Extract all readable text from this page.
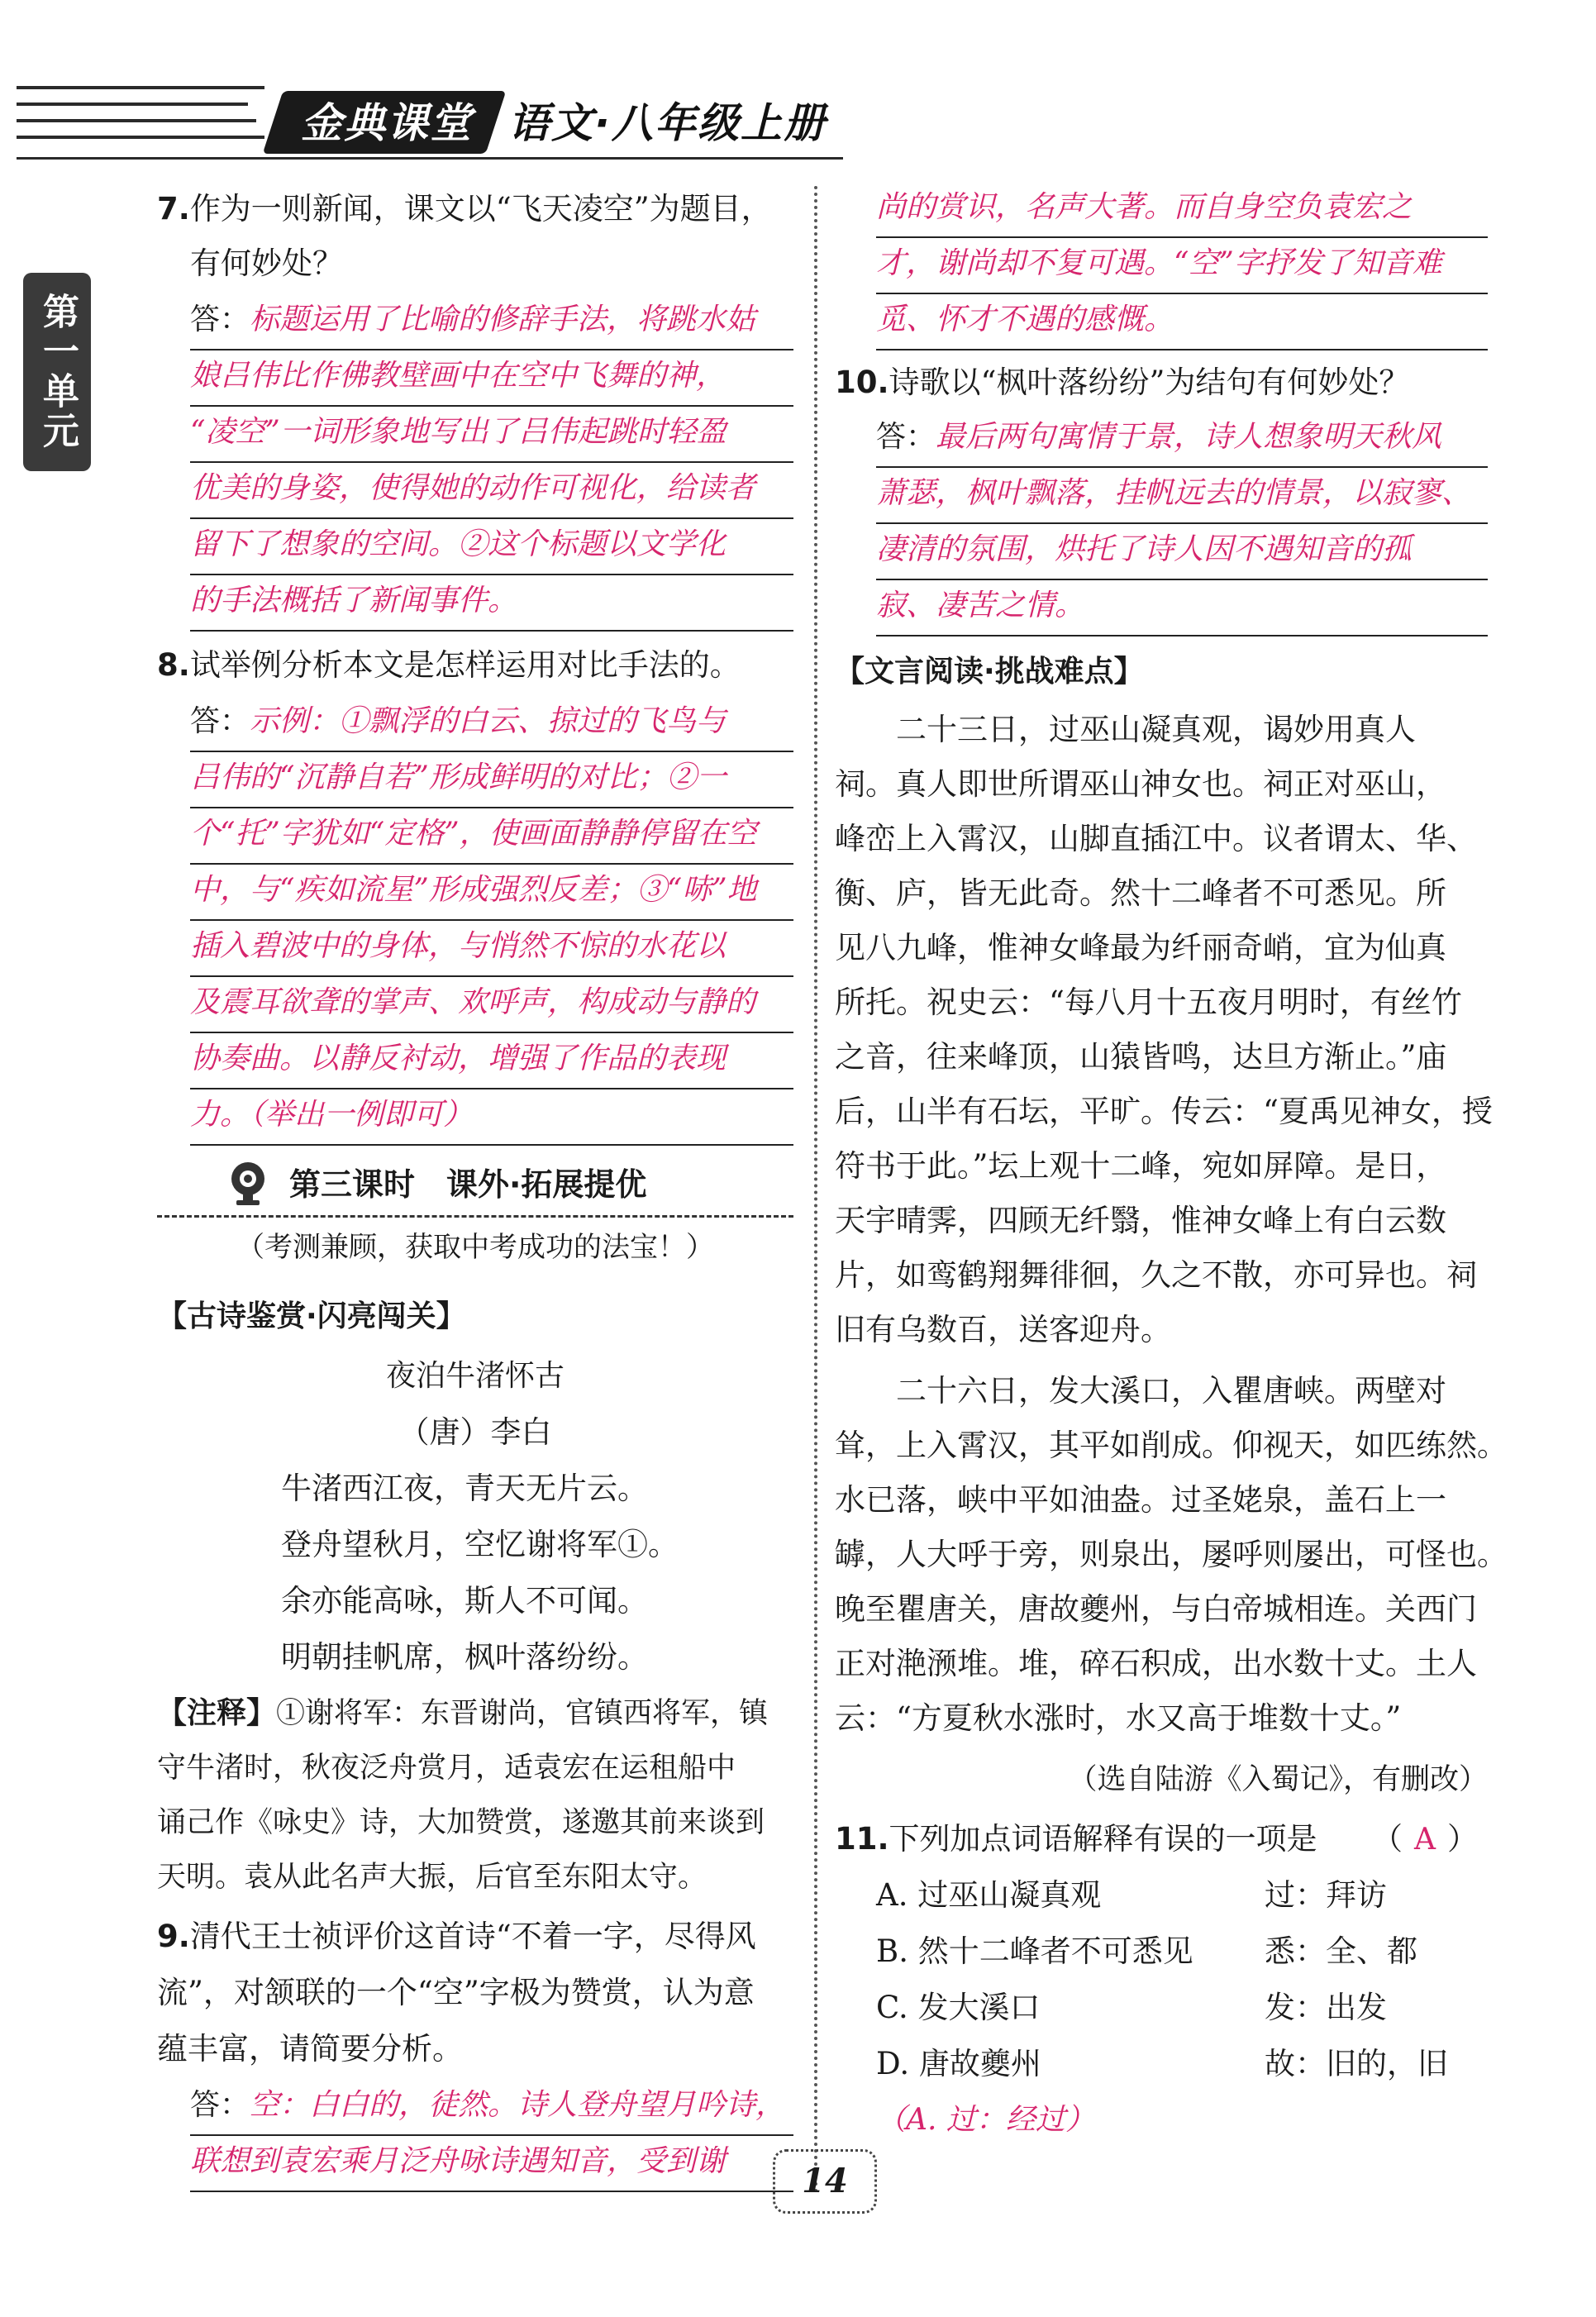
金典课堂 语文·八年级上册
第一单元
7.作为一则新闻，课文以“飞天凌空”为题目，
有何妙处？
答：标题运用了比喻的修辞手法，将跳水姑
娘吕伟比作佛教壁画中在空中飞舞的神，
“凌空”一词形象地写出了吕伟起跳时轻盈
优美的身姿，使得她的动作可视化，给读者
留下了想象的空间。②这个标题以文学化
的手法概括了新闻事件。
8.试举例分析本文是怎样运用对比手法的。
答：示例：①飘浮的白云、掠过的飞鸟与
吕伟的“沉静自若”形成鲜明的对比；②一
个“托”字犹如“定格”，使画面静静停留在空
中，与“疾如流星”形成强烈反差；③“哧”地
插入碧波中的身体，与悄然不惊的水花以
及震耳欲聋的掌声、欢呼声，构成动与静的
协奏曲。以静反衬动，增强了作品的表现
力。（举出一例即可）
第三课时　课外·拓展提优
（考测兼顾，获取中考成功的法宝！）
【古诗鉴赏·闪亮闯关】
夜泊牛渚怀古
（唐）李白
牛渚西江夜，青天无片云。
登舟望秋月，空忆谢将军①。
余亦能高咏，斯人不可闻。
明朝挂帆席，枫叶落纷纷。
【注释】①谢将军：东晋谢尚，官镇西将军，镇
守牛渚时，秋夜泛舟赏月，适袁宏在运租船中
诵己作《咏史》诗，大加赞赏，遂邀其前来谈到
天明。袁从此名声大振，后官至东阳太守。
9.清代王士祯评价这首诗“不着一字，尽得风
流”，对颔联的一个“空”字极为赞赏，认为意
蕴丰富，请简要分析。
答：空：白白的，徒然。诗人登舟望月吟诗，
联想到袁宏乘月泛舟咏诗遇知音，受到谢
尚的赏识，名声大著。而自身空负袁宏之
才，谢尚却不复可遇。“空”字抒发了知音难
觅、怀才不遇的感慨。
10.诗歌以“枫叶落纷纷”为结句有何妙处？
答：最后两句寓情于景，诗人想象明天秋风
萧瑟，枫叶飘落，挂帆远去的情景，以寂寥、
凄清的氛围，烘托了诗人因不遇知音的孤
寂、凄苦之情。
【文言阅读·挑战难点】
　　二十三日，过巫山凝真观，谒妙用真人
祠。真人即世所谓巫山神女也。祠正对巫山，
峰峦上入霄汉，山脚直插江中。议者谓太、华、
衡、庐，皆无此奇。然十二峰者不可悉见。所
见八九峰，惟神女峰最为纤丽奇峭，宜为仙真
所托。祝史云：“每八月十五夜月明时，有丝竹
之音，往来峰顶，山猿皆鸣，达旦方渐止。”庙
后，山半有石坛，平旷。传云：“夏禹见神女，授
符书于此。”坛上观十二峰，宛如屏障。是日，
天宇晴霁，四顾无纤翳，惟神女峰上有白云数
片，如鸾鹤翔舞徘徊，久之不散，亦可异也。祠
旧有乌数百，送客迎舟。
　　二十六日，发大溪口，入瞿唐峡。两壁对
耸，上入霄汉，其平如削成。仰视天，如匹练然。
水已落，峡中平如油盎。过圣姥泉，盖石上一
罅，人大呼于旁，则泉出，屡呼则屡出，可怪也。
晚至瞿唐关，唐故夔州，与白帝城相连。关西门
正对滟滪堆。堆，碎石积成，出水数十丈。土人
云：“方夏秋水涨时，水又高于堆数十丈。”
（选自陆游《入蜀记》，有删改）
11.下列加点词语解释有误的一项是 （ A ）
A. 过巫山凝真观	过：拜访
B. 然十二峰者不可悉见 悉：全、都
C. 发大溪口	发：出发
D. 唐故夔州	故：旧的，旧
（A. 过：经过）
14
